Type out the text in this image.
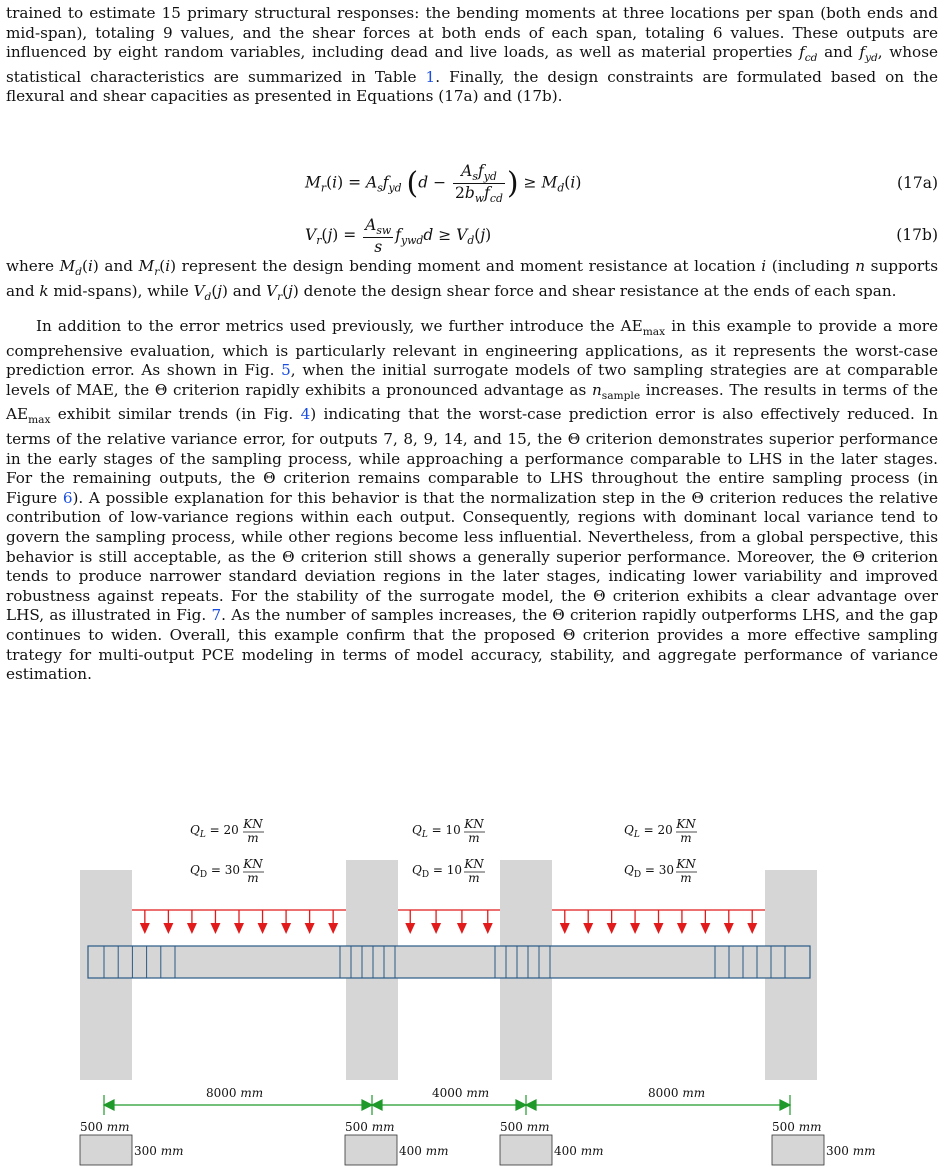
trained to estimate 15 primary structural responses: the bending moments at three locations per span (both ends and mid-span), totaling 9 values, and the shear forces at both ends of each span, totaling 6 values. These outputs are influenced by eight random variables, including dead and live loads, as well as material properties $f_{cd}$ and $f_{yd}$, whose statistical characteristics are summarized in Table 1. Finally, the design constraints are formulated based on the flexural and shear capacities as presented in Equations (17a) and (17b).

$M_r(i) = A_sf_{yd}$ ($d - \frac{A_sf_{yd}}{2b_wf_{cd}}$ ) ≥ $M_d(i)$	(17a)
$V_r(j) = \frac{A_{sw}}{s} f_{ywd}d \ge V_d(j)$	(17b)

where $M_d(i)$ and $M_r(i)$ represent the design bending moment and moment resistance at location i (including n supports and k mid-spans), while $V_d(j)$ and $V_r(j)$ denote the design shear force and shear resistance at the ends of each span.

In addition to the error metrics used previously, we further introduce the $AE_{max}$ in this example to provide a more comprehensive evaluation, which is particularly relevant in engineering applications, as it represents the worst-case prediction error. As shown in Fig. 5, when the initial surrogate models of two sampling strategies are at comparable levels of MAE, the Θ criterion rapidly exhibits a pronounced advantage as $n_{sample}$ increases. The results in terms of the $AE_{max}$ exhibit similar trends (in Fig. 4) indicating that the worst-case prediction error is also effectively reduced. In terms of the relative variance error, for outputs 7, 8, 9, 14, and 15, the Θ criterion demonstrates superior performance in the early stages of the sampling process, while approaching a performance comparable to LHS in the later stages. For the remaining outputs, the Θ criterion remains comparable to LHS throughout the entire sampling process (in Figure 6). A possible explanation for this behavior is that the normalization step in the Θ criterion reduces the relative contribution of low-variance regions within each output. Consequently, regions with dominant local variance tend to govern the sampling process, while other regions become less influential. Nevertheless, from a global perspective, this behavior is still acceptable, as the Θ criterion still shows a generally superior performance. Moreover, the Θ criterion tends to produce narrower standard deviation regions in the later stages, indicating lower variability and improved robustness against repeats. For the stability of the surrogate model, the Θ criterion exhibits a clear advantage over LHS, as illustrated in Fig. 7. As the number of samples increases, the Θ criterion rapidly outperforms LHS, and the gap continues to widen. Overall, this example confirm that the proposed Θ criterion provides a more effective sampling trategy for multi-output PCE modeling in terms of model accuracy, stability, and aggregate performance of variance estimation.

$Q_L = 20$ KN
m
$Q_D = 30$ KN
m
$Q_L = 10$ KN
m
$Q_D = 10$ KN
m
$Q_L = 20$ KN
m
$Q_D = 30$ KN
m
8000 mm	4000 mm	8000 mm
500 mm
300 mm
500 mm
400 mm
500 mm
400 mm
500 mm
300 mm
